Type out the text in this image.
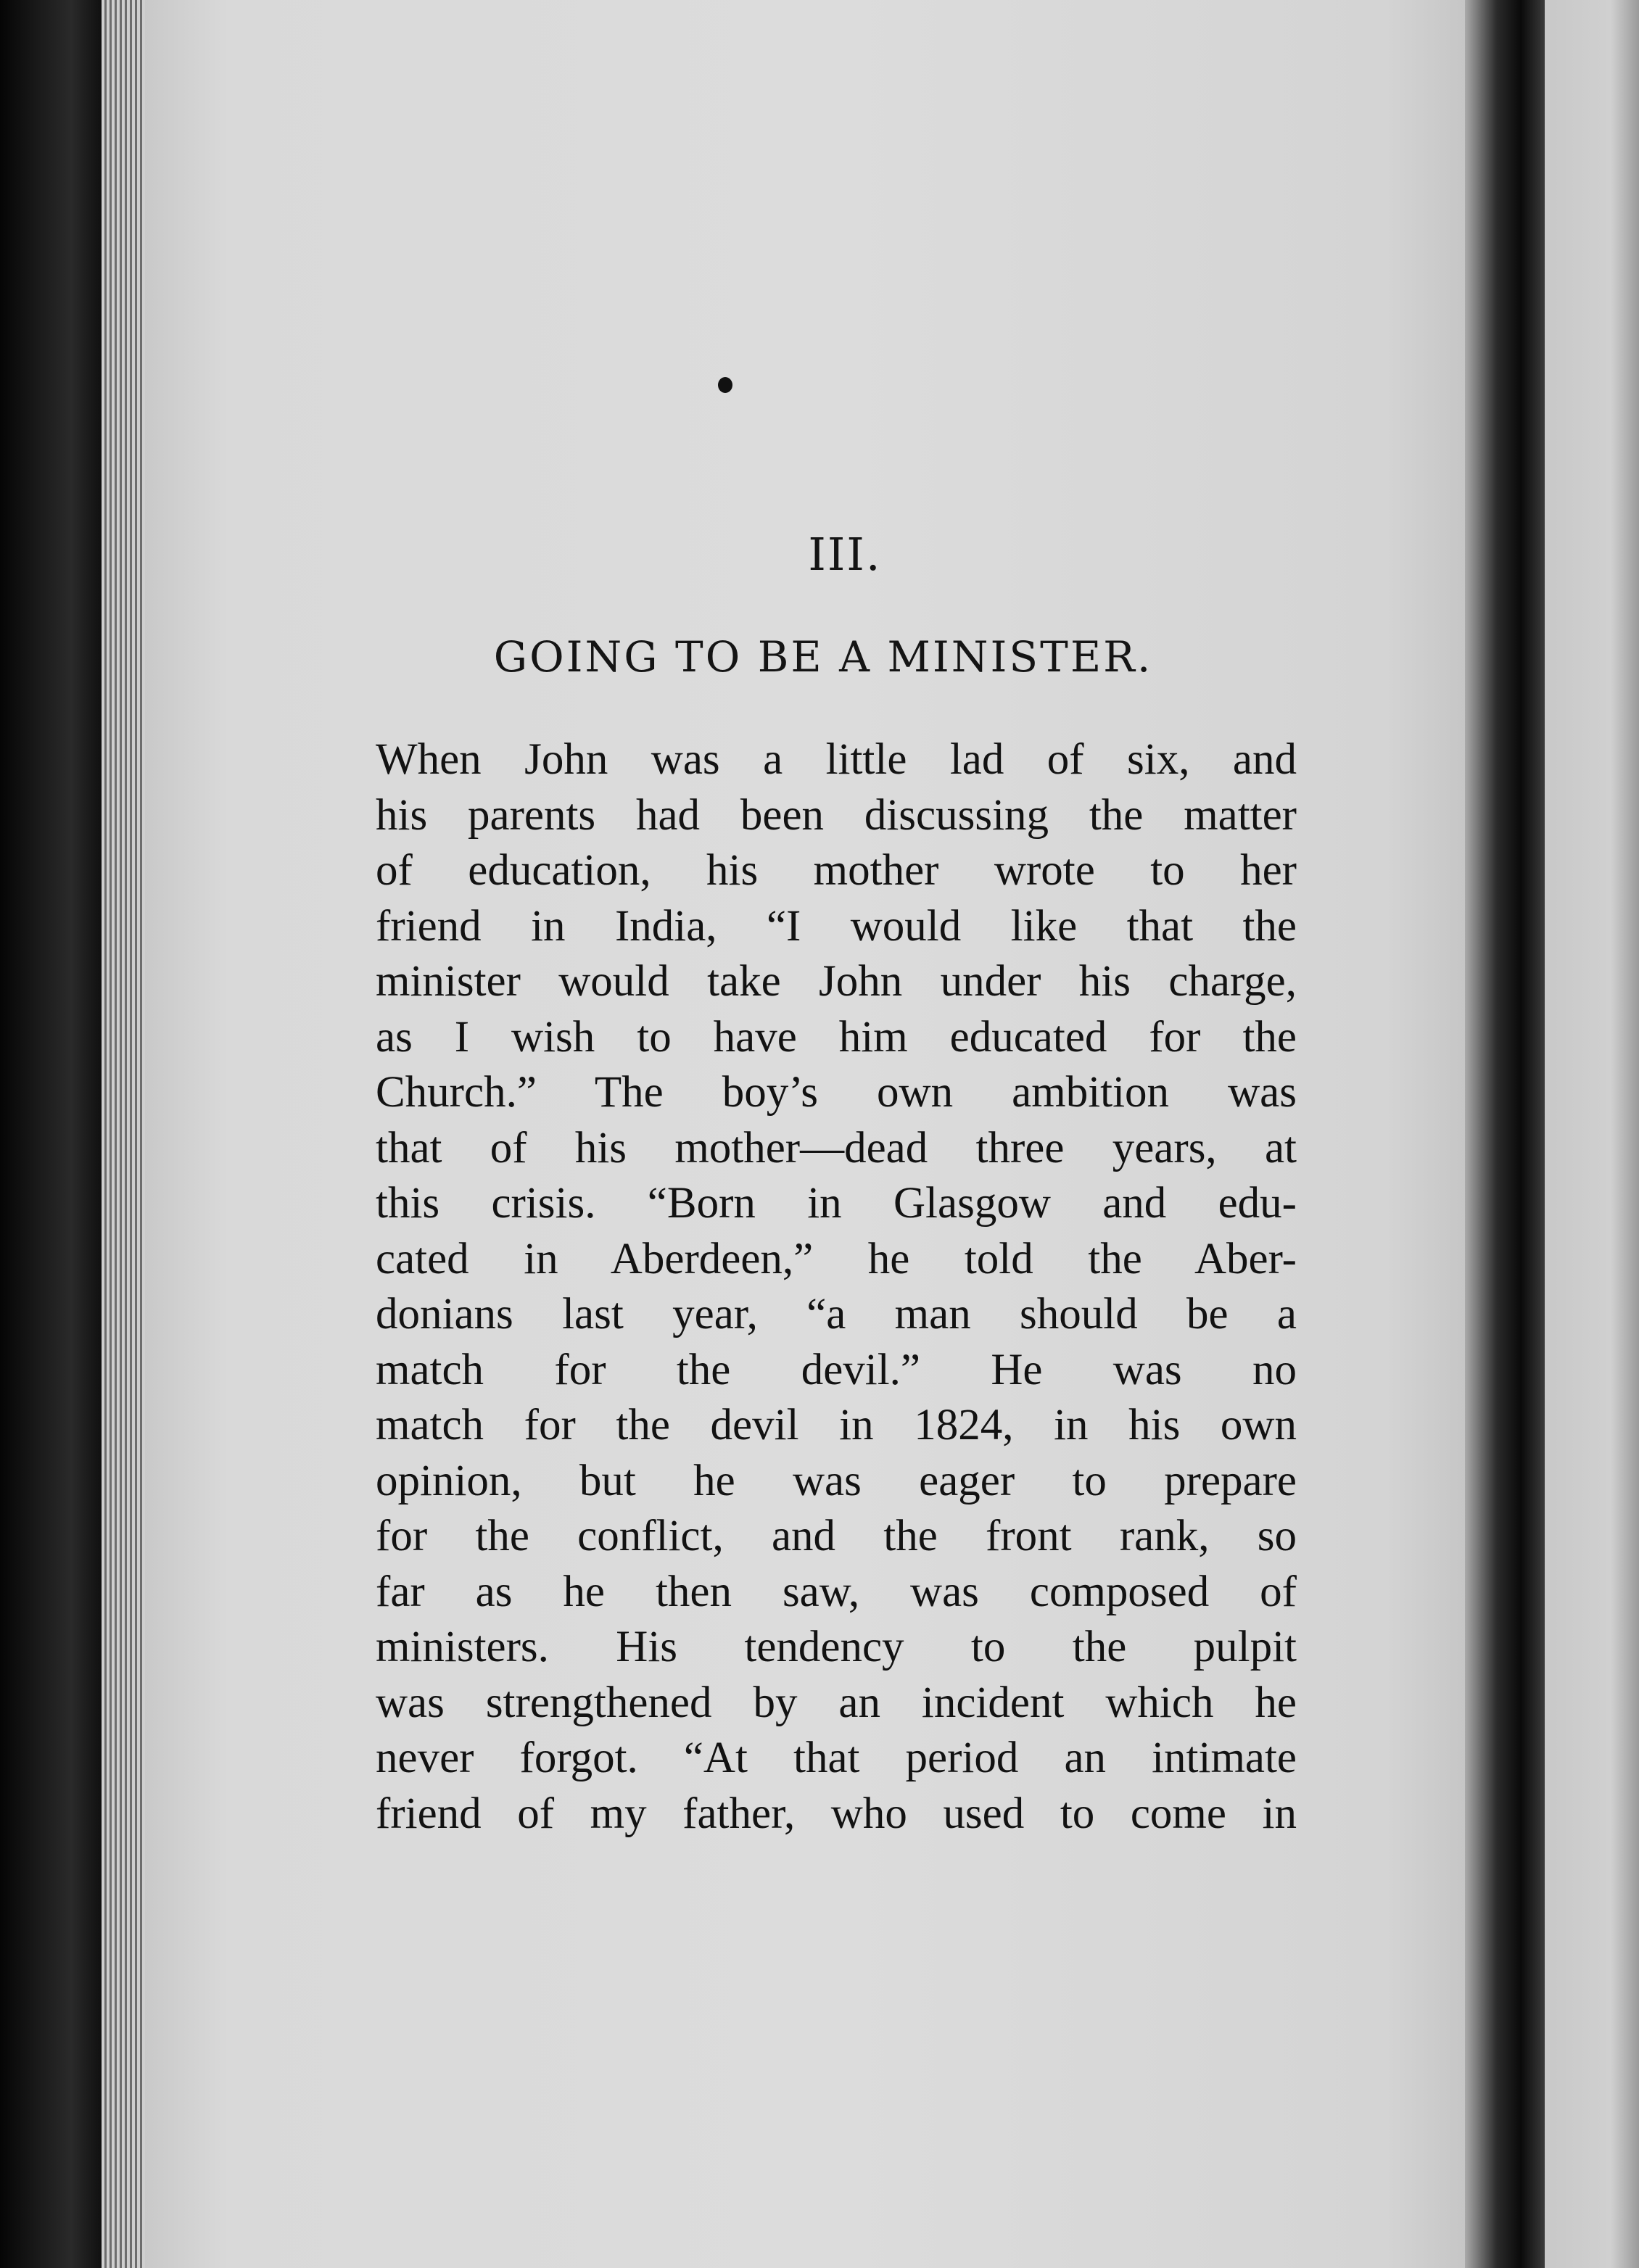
III.
GOING TO BE A MINISTER.
When John was a little lad of six, and
his parents had been discussing the matter
of education, his mother wrote to her
friend in India, “I would like that the
minister would take John under his charge,
as I wish to have him educated for the
Church.” The boy’s own ambition was
that of his mother—dead three years, at
this crisis. “Born in Glasgow and edu-
cated in Aberdeen,” he told the Aber-
donians last year, “a man should be a
match for the devil.” He was no
match for the devil in 1824, in his own
opinion, but he was eager to prepare
for the conflict, and the front rank, so
far as he then saw, was composed of
ministers. His tendency to the pulpit
was strengthened by an incident which he
never forgot. “At that period an intimate
friend of my father, who used to come in
